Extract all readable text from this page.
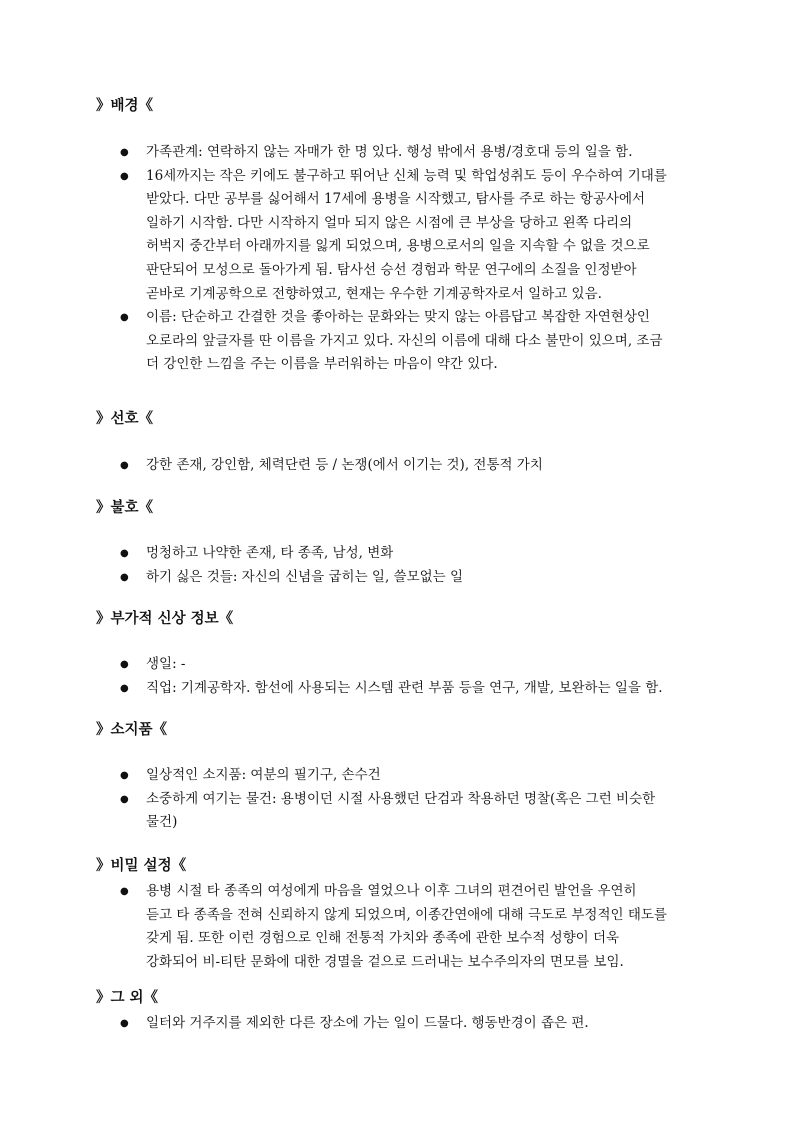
》배경《

● 가족관계: 연락하지 않는 자매가 한 명 있다. 행성 밖에서 용병/경호대 등의 일을 함.
● 16세까지는 작은 키에도 불구하고 뛰어난 신체 능력 및 학업성취도 등이 우수하여 기대를
받았다. 다만 공부를 싫어해서 17세에 용병을 시작했고, 탐사를 주로 하는 항공사에서
일하기 시작함. 다만 시작하지 얼마 되지 않은 시점에 큰 부상을 당하고 왼쪽 다리의
허벅지 중간부터 아래까지를 잃게 되었으며, 용병으로서의 일을 지속할 수 없을 것으로
판단되어 모성으로 돌아가게 됨. 탐사선 승선 경험과 학문 연구에의 소질을 인정받아
곧바로 기계공학으로 전향하였고, 현재는 우수한 기계공학자로서 일하고 있음.
● 이름: 단순하고 간결한 것을 좋아하는 문화와는 맞지 않는 아름답고 복잡한 자연현상인
오로라의 앞글자를 딴 이름을 가지고 있다. 자신의 이름에 대해 다소 불만이 있으며, 조금
더 강인한 느낌을 주는 이름을 부러워하는 마음이 약간 있다.

》선호《

● 강한 존재, 강인함, 체력단련 등 / 논쟁(에서 이기는 것), 전통적 가치

》불호《

● 멍청하고 나약한 존재, 타 종족, 남성, 변화
● 하기 싫은 것들: 자신의 신념을 굽히는 일, 쓸모없는 일

》부가적 신상 정보《

● 생일: -
● 직업: 기계공학자. 함선에 사용되는 시스템 관련 부품 등을 연구, 개발, 보완하는 일을 함.

》소지품《

● 일상적인 소지품: 여분의 필기구, 손수건
● 소중하게 여기는 물건: 용병이던 시절 사용했던 단검과 착용하던 명찰(혹은 그런 비슷한
물건)

》비밀 설정《

● 용병 시절 타 종족의 여성에게 마음을 열었으나 이후 그녀의 편견어린 발언을 우연히
듣고 타 종족을 전혀 신뢰하지 않게 되었으며, 이종간연애에 대해 극도로 부정적인 태도를
갖게 됨. 또한 이런 경험으로 인해 전통적 가치와 종족에 관한 보수적 성향이 더욱
강화되어 비-티탄 문화에 대한 경멸을 겉으로 드러내는 보수주의자의 면모를 보임.

》그 외《

● 일터와 거주지를 제외한 다른 장소에 가는 일이 드물다. 행동반경이 좁은 편.
